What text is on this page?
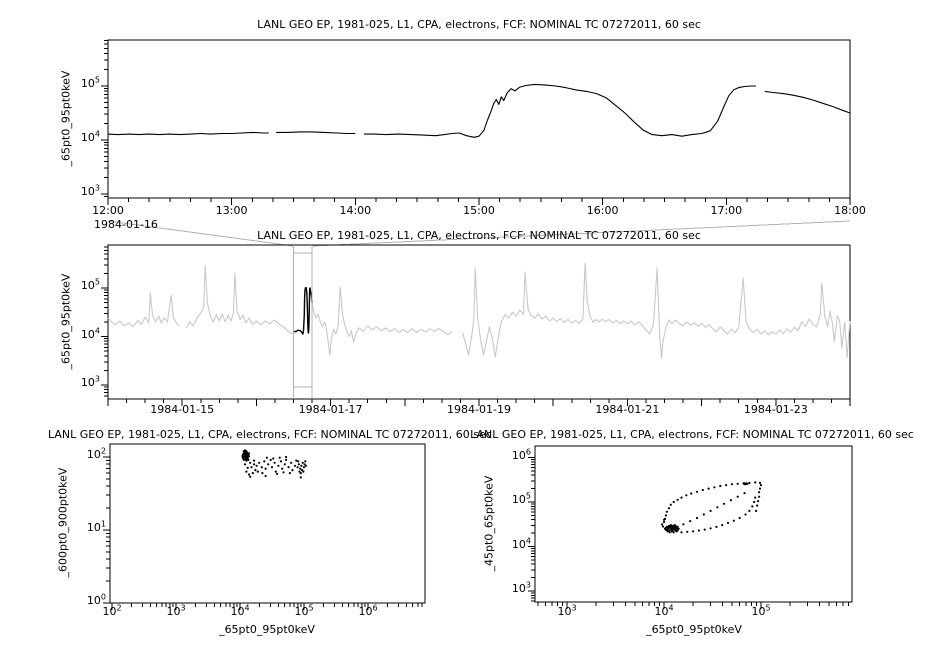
LANL GEO EP, 1981-025, L1, CPA, electrons, FCF: NOMINAL TC 07272011, 60 sec
LANL GEO EP, 1981-025, L1, CPA, electrons, FCF: NOMINAL TC 07272011, 60 sec
LANL GEO EP, 1981-025, L1, CPA, electrons, FCF: NOMINAL TC 07272011, 60 sec
LANL GEO EP, 1981-025, L1, CPA, electrons, FCF: NOMINAL TC 07272011, 60 sec
_65pt0_95pt0keV
_65pt0_95pt0keV
_600pt0_900pt0keV	_45pt0_65pt0keV
_65pt0_95pt0keV	_65pt0_95pt0keV
1984-01-16
$10^3$
$10^4$
$10^5$
12:00	13:00	14:00	15:00	16:00	17:00	18:00
$10^3$
$10^4$
$10^5$
1984-01-15	1984-01-17	1984-01-19	1984-01-21	1984-01-23
$10^0$
$10^1$
$10^2$
$10^2$	$10^3$	$10^4$	$10^5$	$10^6$
$10^3$
$10^4$
$10^5$
$10^6$
$10^3$	$10^4$	$10^5$
